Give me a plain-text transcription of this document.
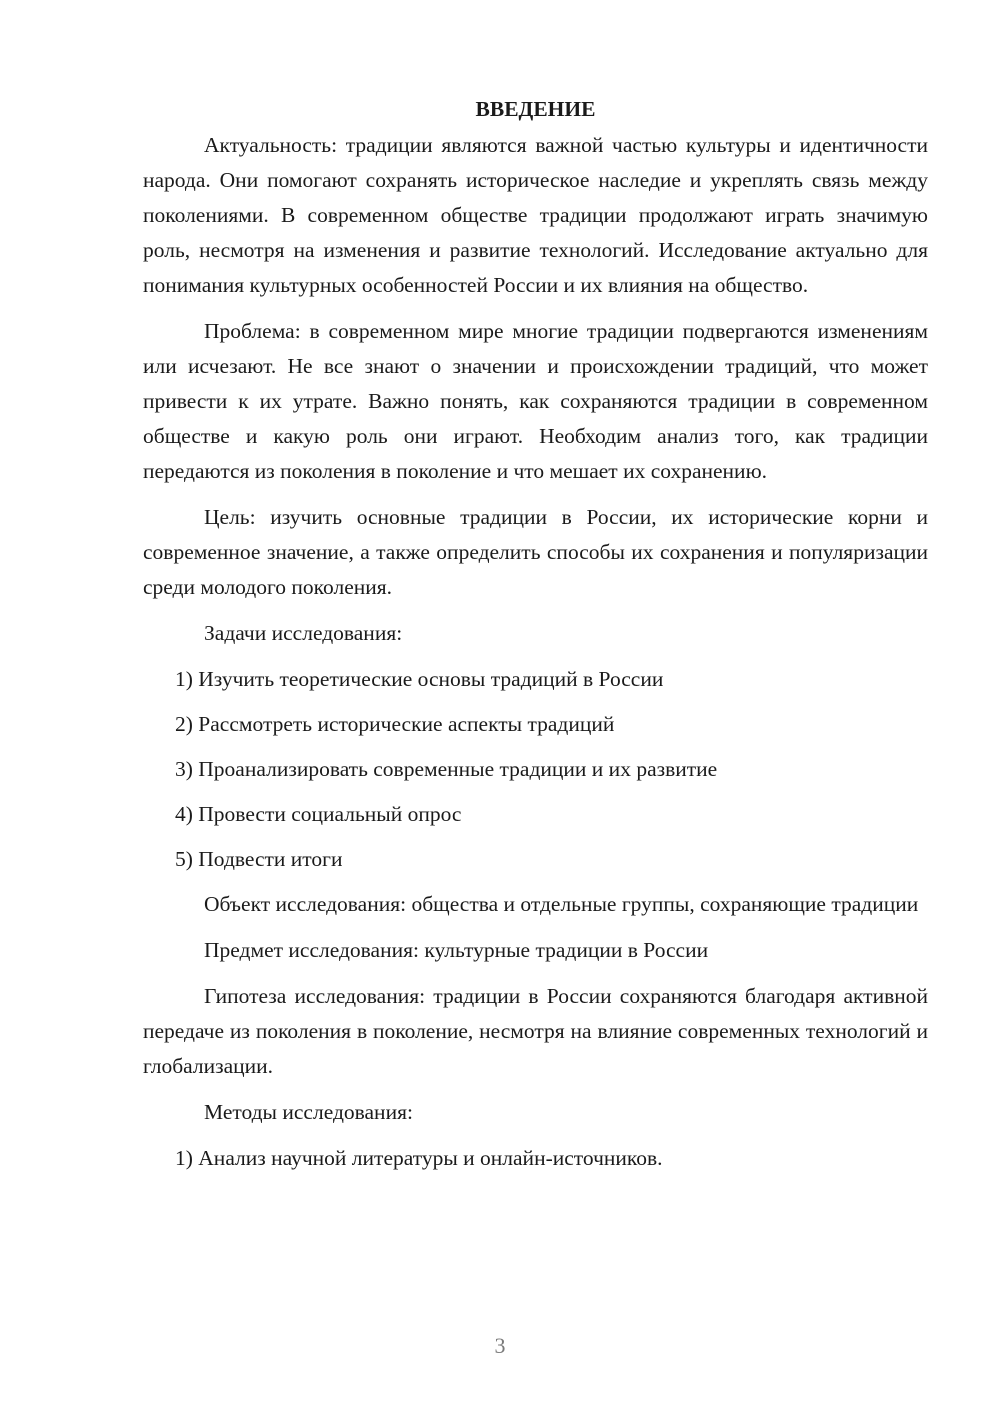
ВВЕДЕНИЕ

Актуальность: традиции являются важной частью культуры и идентичности народа. Они помогают сохранять историческое наследие и укреплять связь между поколениями. В современном обществе традиции продолжают играть значимую роль, несмотря на изменения и развитие технологий. Исследование актуально для понимания культурных особенностей России и их влияния на общество.

Проблема: в современном мире многие традиции подвергаются изменениям или исчезают. Не все знают о значении и происхождении традиций, что может привести к их утрате. Важно понять, как сохраняются традиции в современном обществе и какую роль они играют. Необходим анализ того, как традиции передаются из поколения в поколение и что мешает их сохранению.

Цель: изучить основные традиции в России, их исторические корни и современное значение, а также определить способы их сохранения и популяризации среди молодого поколения.

Задачи исследования:

1) Изучить теоретические основы традиций в России
2) Рассмотреть исторические аспекты традиций
3) Проанализировать современные традиции и их развитие
4) Провести социальный опрос
5) Подвести итоги

Объект исследования: общества и отдельные группы, сохраняющие традиции

Предмет исследования: культурные традиции в России

Гипотеза исследования: традиции в России сохраняются благодаря активной передаче из поколения в поколение, несмотря на влияние современных технологий и глобализации.

Методы исследования:

1) Анализ научной литературы и онлайн-источников.
3
